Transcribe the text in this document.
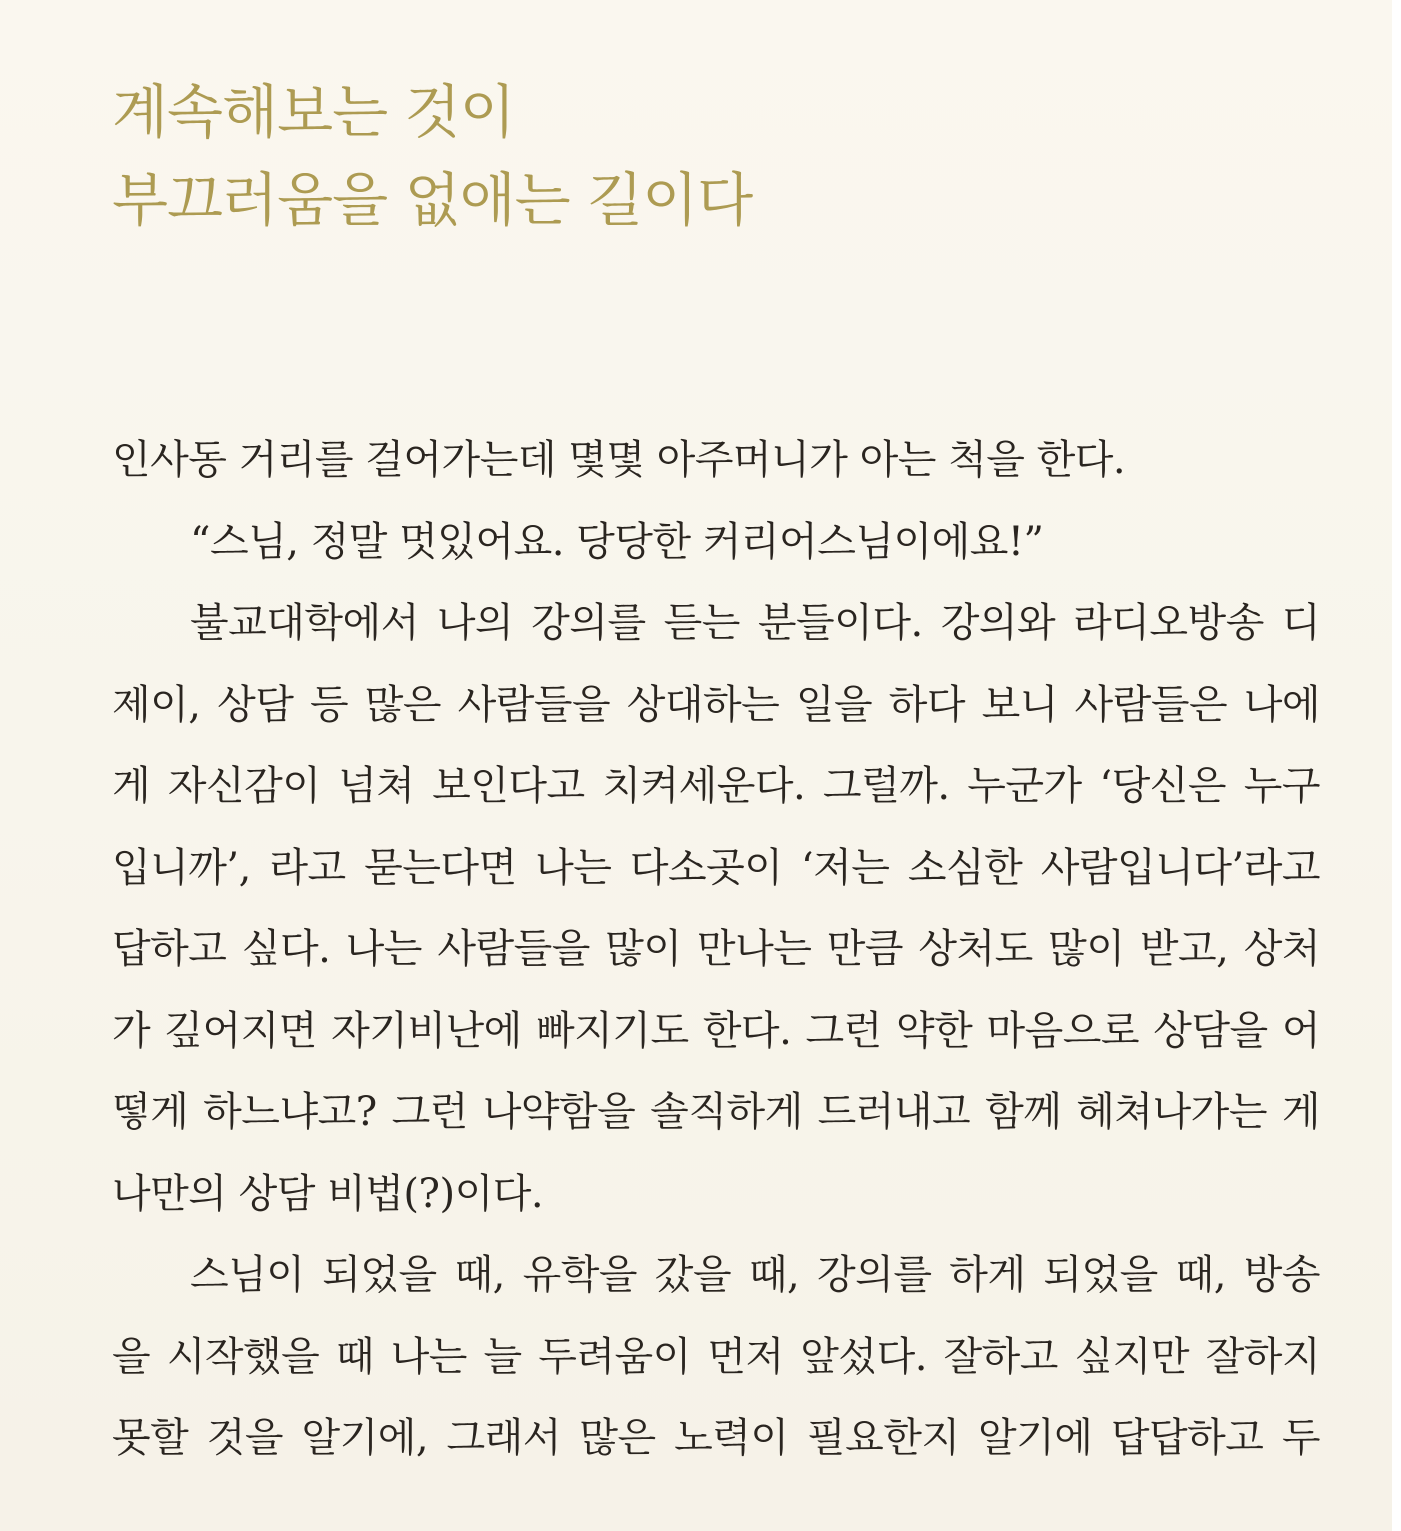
계속해보는 것이
부끄러움을 없애는 길이다
인사동 거리를 걸어가는데 몇몇 아주머니가 아는 척을 한다.
“스님, 정말 멋있어요. 당당한 커리어스님이에요!”
불교대학에서 나의 강의를 듣는 분들이다. 강의와 라디오방송 디
제이, 상담 등 많은 사람들을 상대하는 일을 하다 보니 사람들은 나에
게 자신감이 넘쳐 보인다고 치켜세운다. 그럴까. 누군가 ‘당신은 누구
입니까’, 라고 묻는다면 나는 다소곳이 ‘저는 소심한 사람입니다’라고
답하고 싶다. 나는 사람들을 많이 만나는 만큼 상처도 많이 받고, 상처
가 깊어지면 자기비난에 빠지기도 한다. 그런 약한 마음으로 상담을 어
떻게 하느냐고? 그런 나약함을 솔직하게 드러내고 함께 헤쳐나가는 게
나만의 상담 비법(?)이다.
스님이 되었을 때, 유학을 갔을 때, 강의를 하게 되었을 때, 방송
을 시작했을 때 나는 늘 두려움이 먼저 앞섰다. 잘하고 싶지만 잘하지
못할 것을 알기에, 그래서 많은 노력이 필요한지 알기에 답답하고 두
